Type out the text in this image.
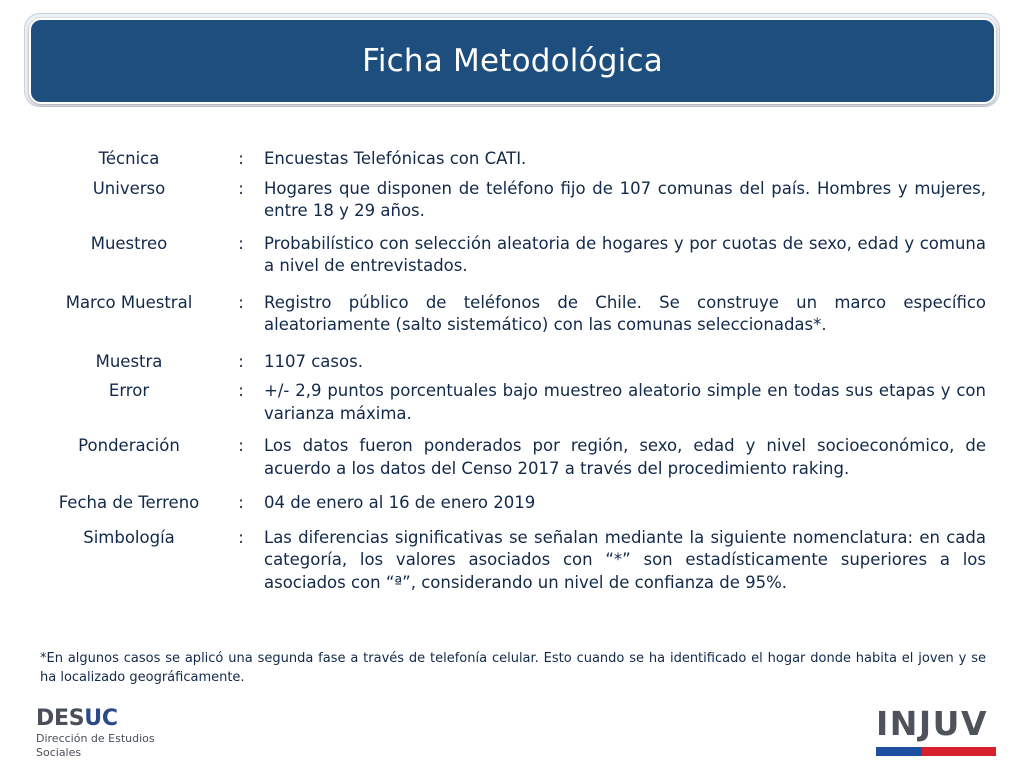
Ficha Metodológica
Técnica	:	Encuestas Telefónicas con CATI.
Universo	:	Hogares que disponen de teléfono fijo de 107 comunas del país. Hombres y mujeres, entre 18 y 29 años.
Muestreo	:	Probabilístico con selección aleatoria de hogares y por cuotas de sexo, edad y comuna a nivel de entrevistados.
Marco Muestral	:	Registro público de teléfonos de Chile. Se construye un marco específico aleatoriamente (salto sistemático) con las comunas seleccionadas*.
Muestra	:	1107 casos.
Error	:	+/- 2,9 puntos porcentuales bajo muestreo aleatorio simple en todas sus etapas y con varianza máxima.
Ponderación	:	Los datos fueron ponderados por región, sexo, edad y nivel socioeconómico, de acuerdo a los datos del Censo 2017 a través del procedimiento raking.
Fecha de Terreno	:	04 de enero al 16 de enero 2019
Simbología	:	Las diferencias significativas se señalan mediante la siguiente nomenclatura: en cada categoría, los valores asociados con “*” son estadísticamente superiores a los asociados con “ª”, considerando un nivel de confianza de 95%.
*En algunos casos se aplicó una segunda fase a través de telefonía celular. Esto cuando se ha identificado el hogar donde habita el joven y se ha localizado geográficamente.
DESUC
Dirección de Estudios
Sociales
INJUV
